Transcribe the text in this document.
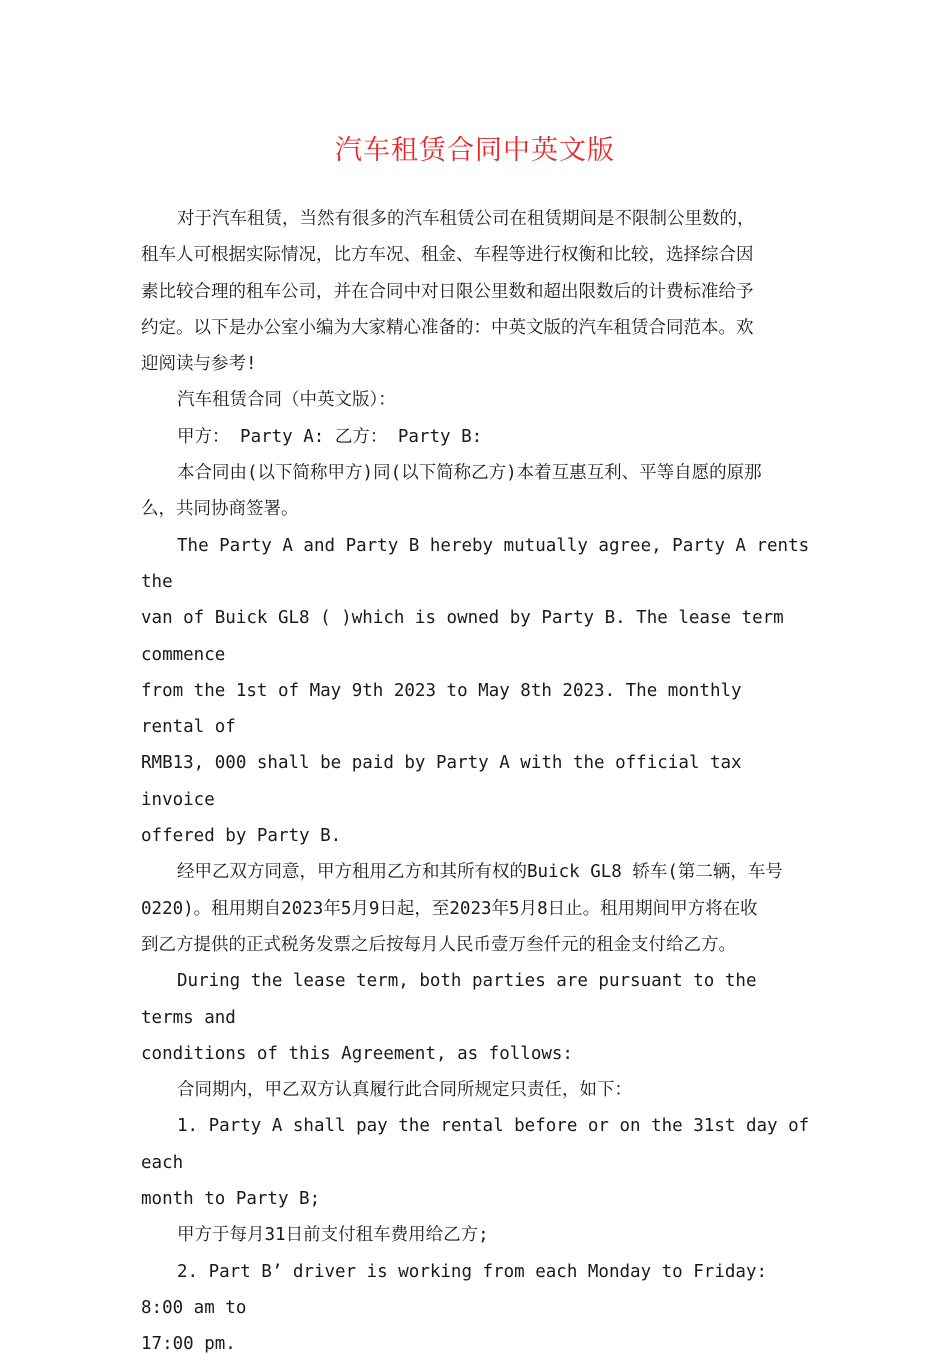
汽车租赁合同中英文版

对于汽车租赁，当然有很多的汽车租赁公司在租赁期间是不限制公里数的，
租车人可根据实际情况，比方车况、租金、车程等进行权衡和比较，选择综合因
素比较合理的租车公司，并在合同中对日限公里数和超出限数后的计费标准给予
约定。以下是办公室小编为大家精心准备的：中英文版的汽车租赁合同范本。欢
迎阅读与参考!

汽车租赁合同（中英文版）：

甲方： Party A: 乙方： Party B:

本合同由(以下简称甲方)同(以下简称乙方)本着互惠互利、平等自愿的原那
么，共同协商签署。

The Party A and Party B hereby mutually agree, Party A rents the
van of Buick GL8 ( )which is owned by Party B. The lease term commence
from the 1st of May 9th 2023 to May 8th 2023. The monthly rental of
RMB13, 000 shall be paid by Party A with the official tax invoice
offered by Party B.

经甲乙双方同意，甲方租用乙方和其所有权的Buick GL8 轿车(第二辆，车号
0220)。租用期自2023年5月9日起，至2023年5月8日止。租用期间甲方将在收
到乙方提供的正式税务发票之后按每月人民币壹万叁仟元的租金支付给乙方。

During the lease term, both parties are pursuant to the terms and
conditions of this Agreement, as follows:

合同期内，甲乙双方认真履行此合同所规定只责任，如下：

1. Party A shall pay the rental before or on the 31st day of each
month to Party B;

甲方于每月31日前支付租车费用给乙方;

2. Part B’ driver is working from each Monday to Friday: 8:00 am to
17:00 pm.
